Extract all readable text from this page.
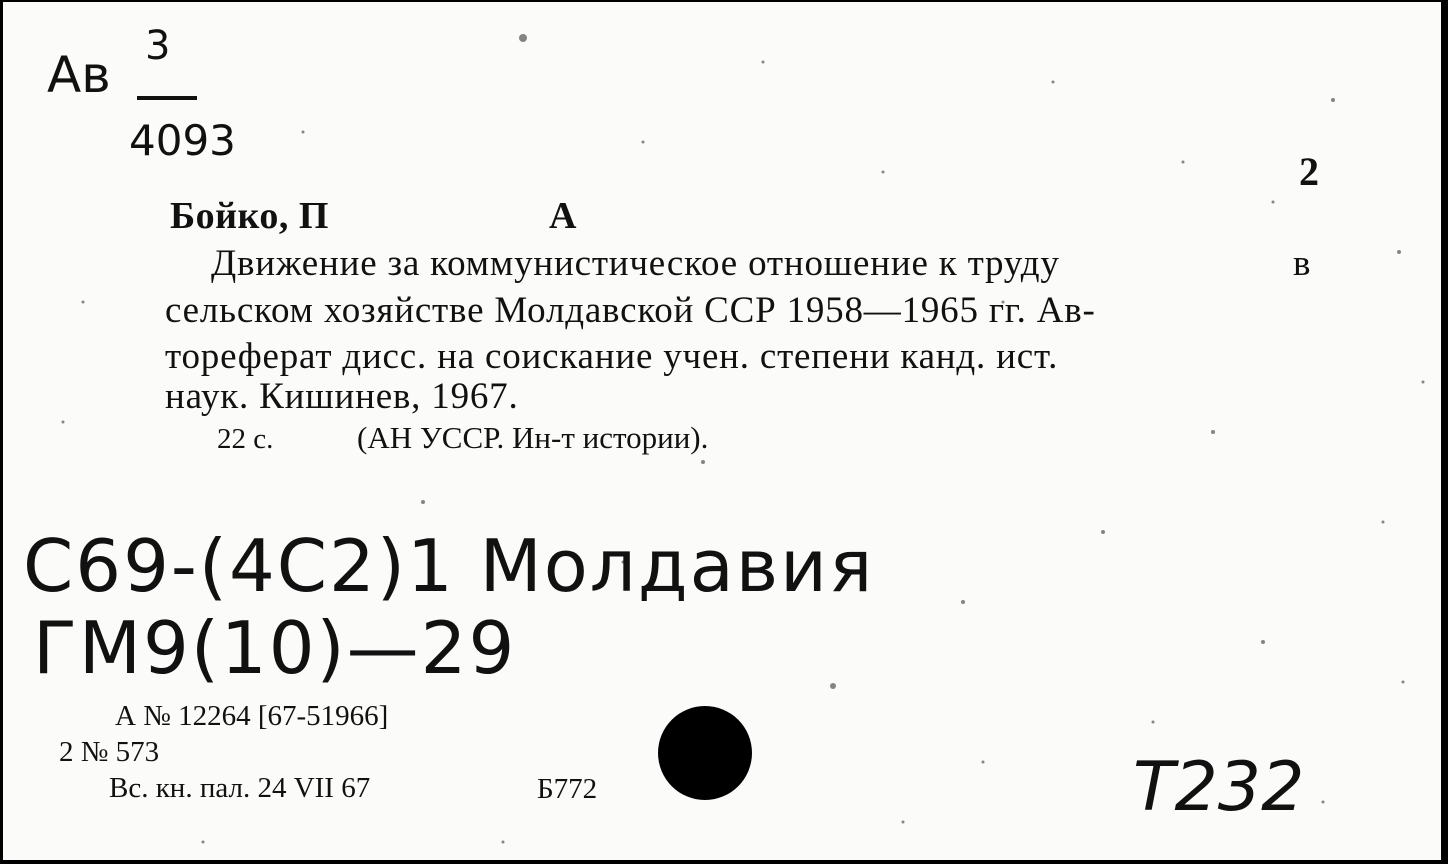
Ав 3
4093
2
Бойко, П	А
Движение за коммунистическое отношение к труду	в
сельском хозяйстве Молдавской ССР 1958—1965 гг. Ав-
тореферат дисс. на соискание учен. степени канд. ист.
наук. Кишинев, 1967.
22 с.	(АН УССР. Ин-т истории).
С69-(4С2)1 Молдавия
ГМ9(10)—29
А № 12264 [67-51966]
2 № 573
Вс. кн. пал. 24 VII 67	Б772	Т232
